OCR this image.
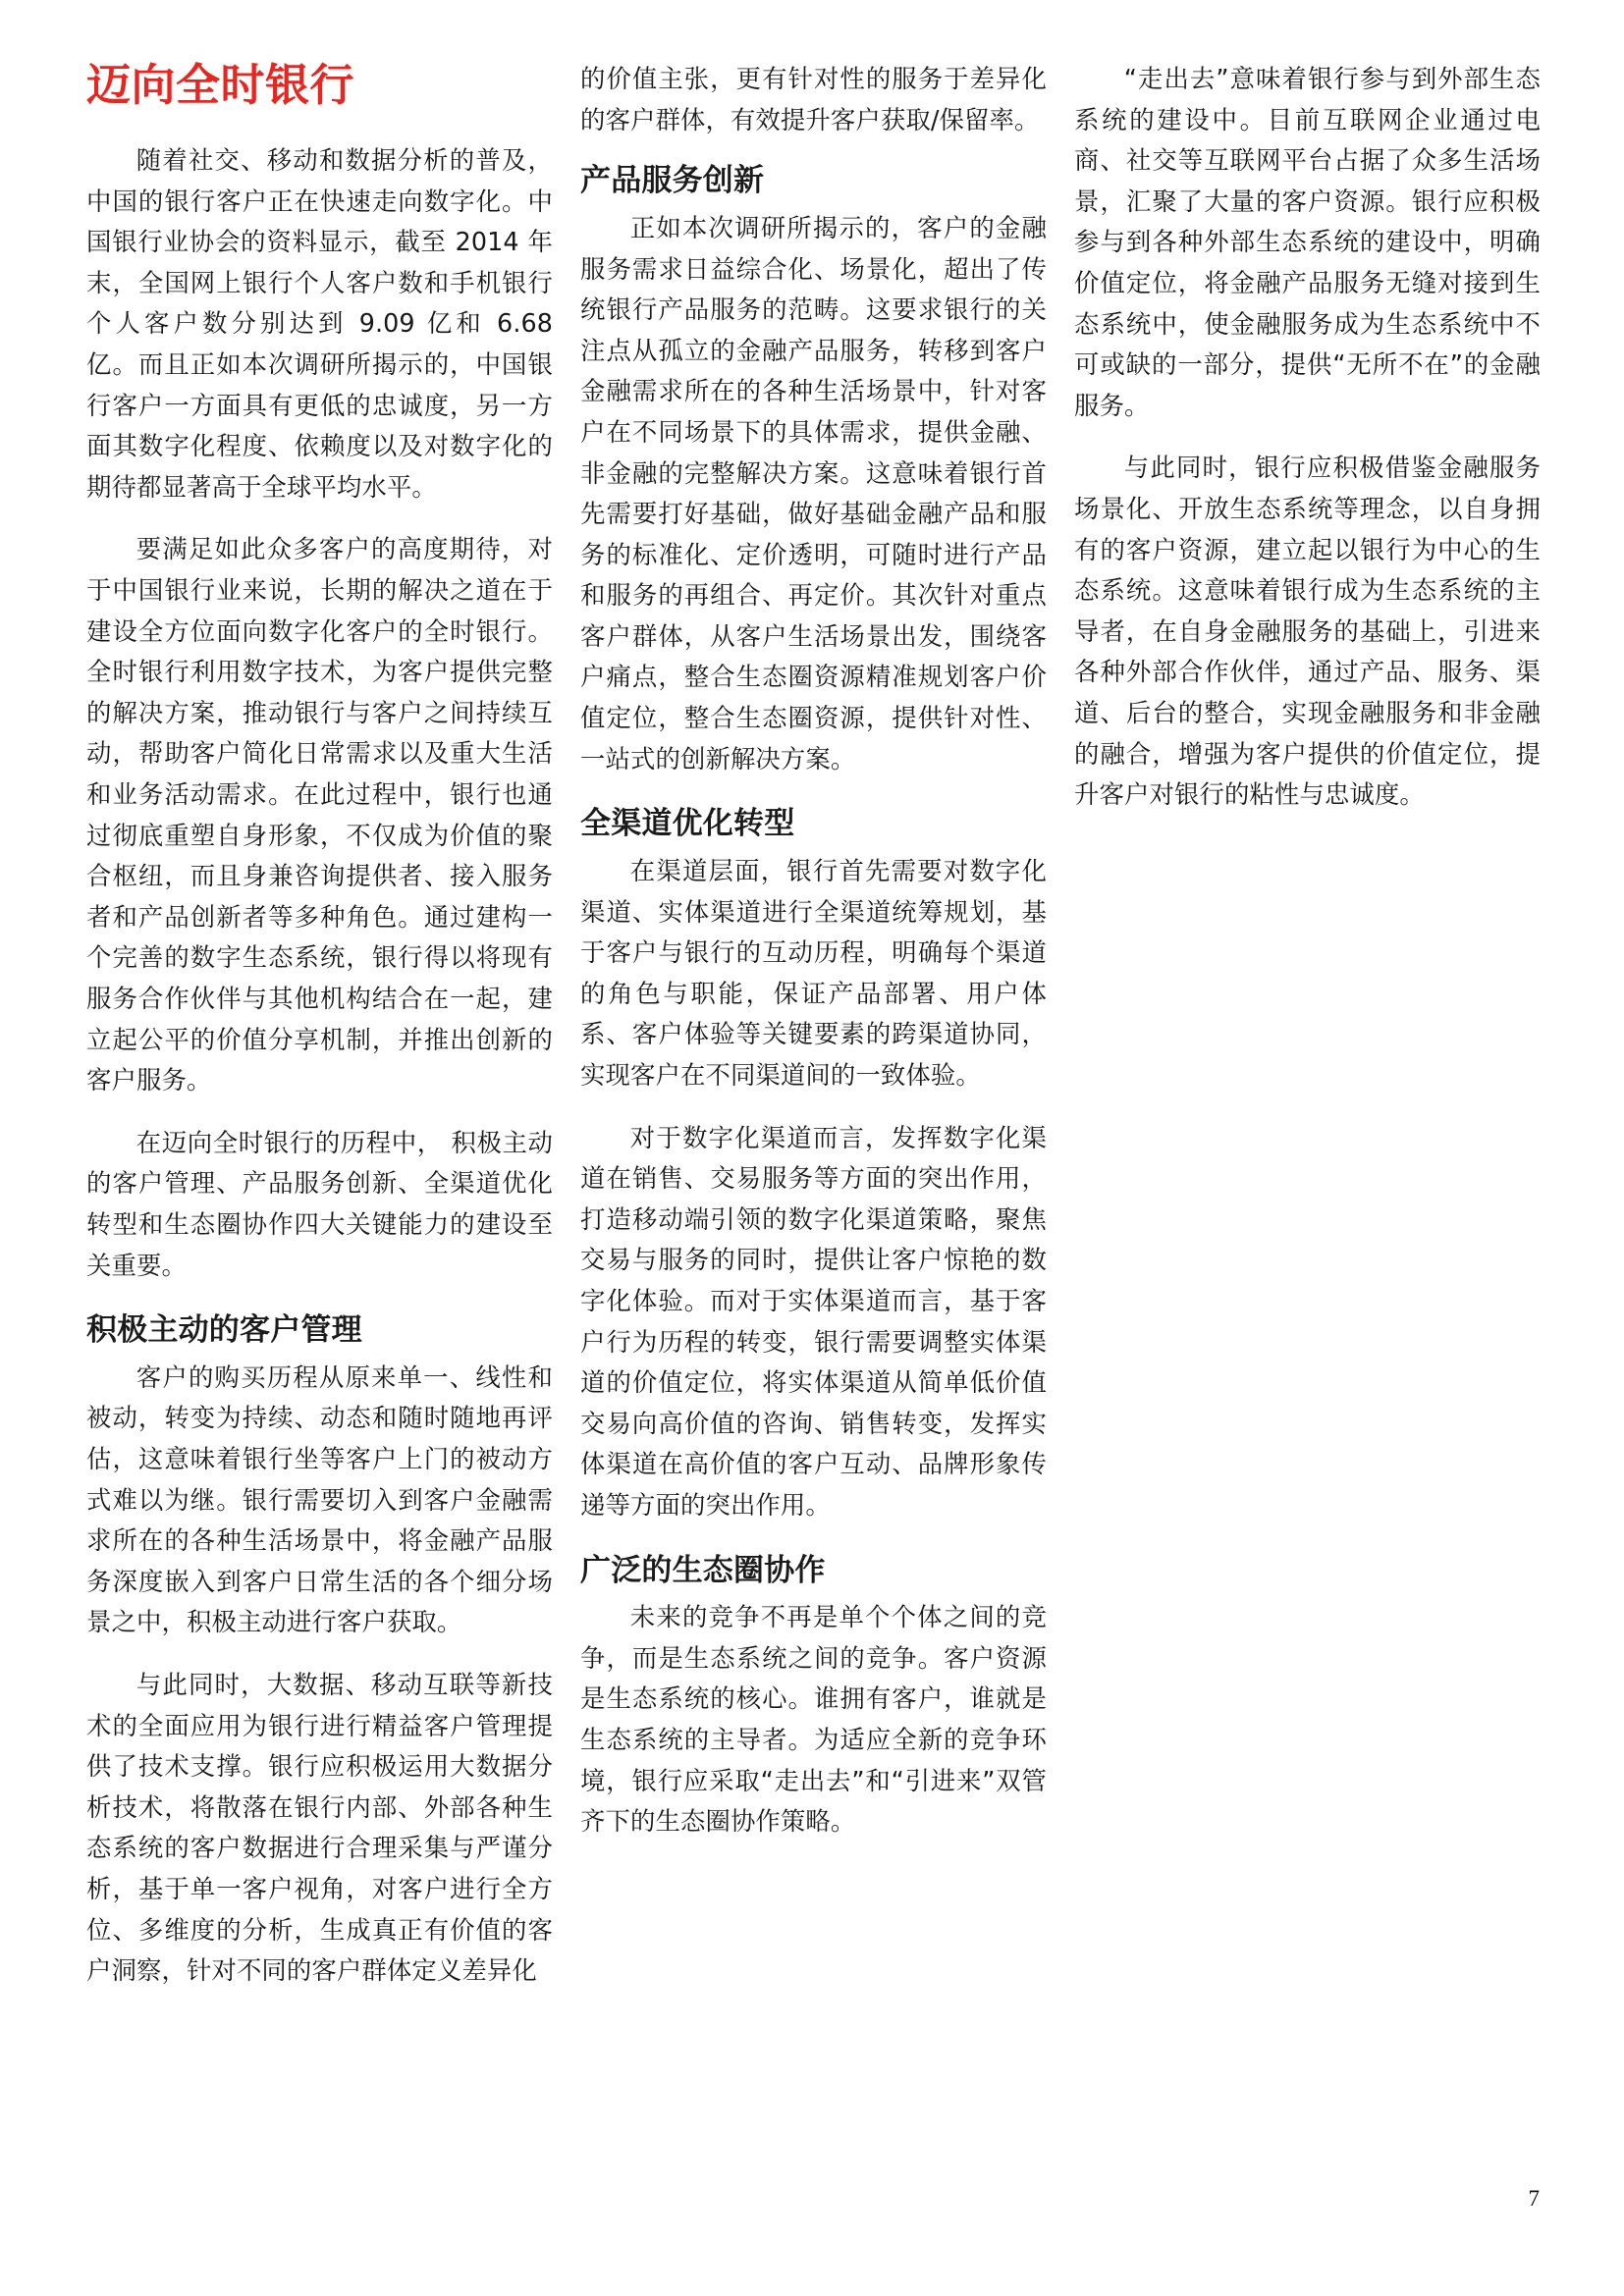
迈向全时银行

随着社交、移动和数据分析的普及，中国的银行客户正在快速走向数字化。中国银行业协会的资料显示，截至 2014 年末，全国网上银行个人客户数和手机银行个人客户数分别达到 9.09 亿和 6.68 亿。而且正如本次调研所揭示的，中国银行客户一方面具有更低的忠诚度，另一方面其数字化程度、依赖度以及对数字化的期待都显著高于全球平均水平。

要满足如此众多客户的高度期待，对于中国银行业来说，长期的解决之道在于建设全方位面向数字化客户的全时银行。全时银行利用数字技术，为客户提供完整的解决方案，推动银行与客户之间持续互动，帮助客户简化日常需求以及重大生活和业务活动需求。在此过程中，银行也通过彻底重塑自身形象，不仅成为价值的聚合枢纽，而且身兼咨询提供者、接入服务者和产品创新者等多种角色。通过建构一个完善的数字生态系统，银行得以将现有服务合作伙伴与其他机构结合在一起，建立起公平的价值分享机制，并推出创新的客户服务。

在迈向全时银行的历程中， 积极主动的客户管理、产品服务创新、全渠道优化转型和生态圈协作四大关键能力的建设至关重要。

积极主动的客户管理

客户的购买历程从原来单一、线性和被动，转变为持续、动态和随时随地再评估，这意味着银行坐等客户上门的被动方式难以为继。银行需要切入到客户金融需求所在的各种生活场景中，将金融产品服务深度嵌入到客户日常生活的各个细分场景之中，积极主动进行客户获取。

与此同时，大数据、移动互联等新技术的全面应用为银行进行精益客户管理提供了技术支撑。银行应积极运用大数据分析技术，将散落在银行内部、外部各种生态系统的客户数据进行合理采集与严谨分析，基于单一客户视角，对客户进行全方位、多维度的分析，生成真正有价值的客户洞察，针对不同的客户群体定义差异化

的价值主张，更有针对性的服务于差异化的客户群体，有效提升客户获取/保留率。

产品服务创新

正如本次调研所揭示的，客户的金融服务需求日益综合化、场景化，超出了传统银行产品服务的范畴。这要求银行的关注点从孤立的金融产品服务，转移到客户金融需求所在的各种生活场景中，针对客户在不同场景下的具体需求，提供金融、非金融的完整解决方案。这意味着银行首先需要打好基础，做好基础金融产品和服务的标准化、定价透明，可随时进行产品和服务的再组合、再定价。其次针对重点客户群体，从客户生活场景出发，围绕客户痛点，整合生态圈资源精准规划客户价值定位，整合生态圈资源，提供针对性、一站式的创新解决方案。

全渠道优化转型

在渠道层面，银行首先需要对数字化渠道、实体渠道进行全渠道统筹规划，基于客户与银行的互动历程，明确每个渠道的角色与职能，保证产品部署、用户体系、客户体验等关键要素的跨渠道协同，实现客户在不同渠道间的一致体验。

对于数字化渠道而言，发挥数字化渠道在销售、交易服务等方面的突出作用，打造移动端引领的数字化渠道策略，聚焦交易与服务的同时，提供让客户惊艳的数字化体验。而对于实体渠道而言，基于客户行为历程的转变，银行需要调整实体渠道的价值定位，将实体渠道从简单低价值交易向高价值的咨询、销售转变，发挥实体渠道在高价值的客户互动、品牌形象传递等方面的突出作用。

广泛的生态圈协作

未来的竞争不再是单个个体之间的竞争，而是生态系统之间的竞争。客户资源是生态系统的核心。谁拥有客户，谁就是生态系统的主导者。为适应全新的竞争环境，银行应采取“走出去”和“引进来”双管齐下的生态圈协作策略。

“走出去”意味着银行参与到外部生态系统的建设中。目前互联网企业通过电商、社交等互联网平台占据了众多生活场景，汇聚了大量的客户资源。银行应积极参与到各种外部生态系统的建设中，明确价值定位，将金融产品服务无缝对接到生态系统中，使金融服务成为生态系统中不可或缺的一部分，提供“无所不在”的金融服务。

与此同时，银行应积极借鉴金融服务场景化、开放生态系统等理念，以自身拥有的客户资源，建立起以银行为中心的生态系统。这意味着银行成为生态系统的主导者，在自身金融服务的基础上，引进来各种外部合作伙伴，通过产品、服务、渠道、后台的整合，实现金融服务和非金融的融合，增强为客户提供的价值定位，提升客户对银行的粘性与忠诚度。

7
